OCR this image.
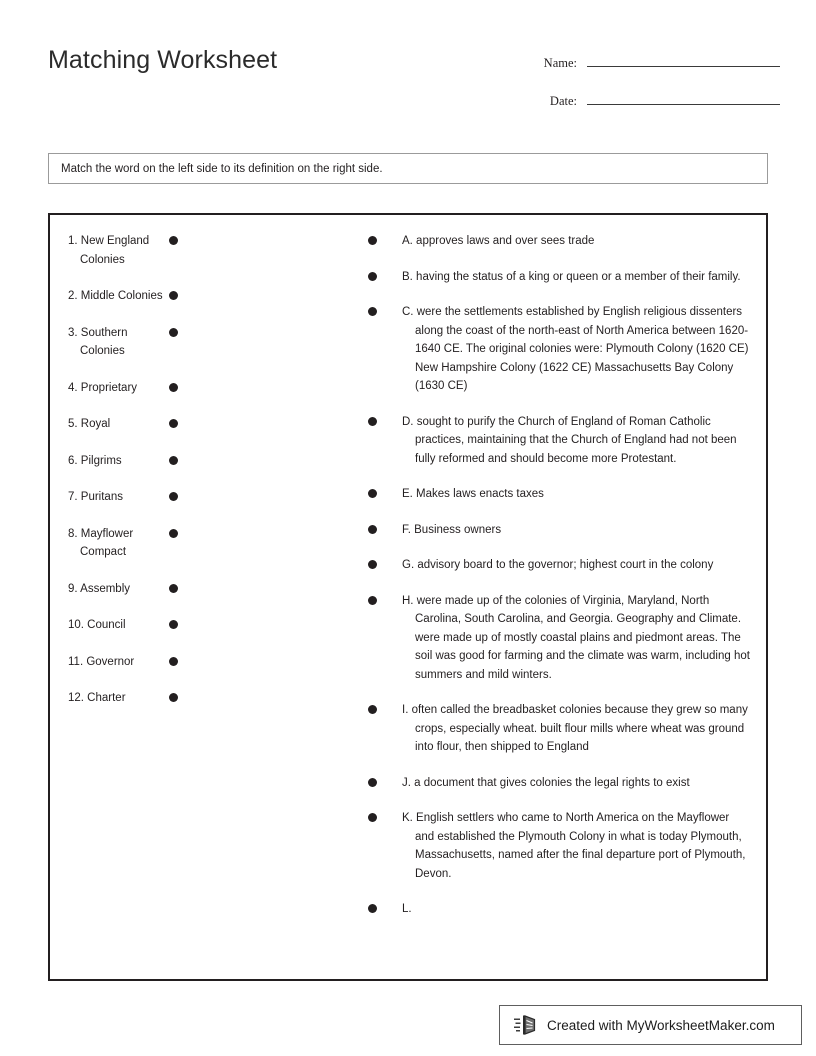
Matching Worksheet	Name:
Date:
Match the word on the left side to its definition on the right side.
1. New England Colonies
2. Middle Colonies
3. Southern Colonies
4. Proprietary
5. Royal
6. Pilgrims
7. Puritans
8. Mayflower Compact
9. Assembly
10. Council
11. Governor
12. Charter
A. approves laws and over sees trade
B. having the status of a king or queen or a member of their family.
C. were the settlements established by English religious dissenters along the coast of the north-east of North America between 1620-1640 CE. The original colonies were: Plymouth Colony (1620 CE) New Hampshire Colony (1622 CE) Massachusetts Bay Colony (1630 CE)
D. sought to purify the Church of England of Roman Catholic practices, maintaining that the Church of England had not been fully reformed and should become more Protestant.
E. Makes laws enacts taxes
F. Business owners
G. advisory board to the governor; highest court in the colony
H. were made up of the colonies of Virginia, Maryland, North Carolina, South Carolina, and Georgia. Geography and Climate. were made up of mostly coastal plains and piedmont areas. The soil was good for farming and the climate was warm, including hot summers and mild winters.
I. often called the breadbasket colonies because they grew so many crops, especially wheat. built flour mills where wheat was ground into flour, then shipped to England
J. a document that gives colonies the legal rights to exist
K. English settlers who came to North America on the Mayflower and established the Plymouth Colony in what is today Plymouth, Massachusetts, named after the final departure port of Plymouth, Devon.
L.
Created with MyWorksheetMaker.com
